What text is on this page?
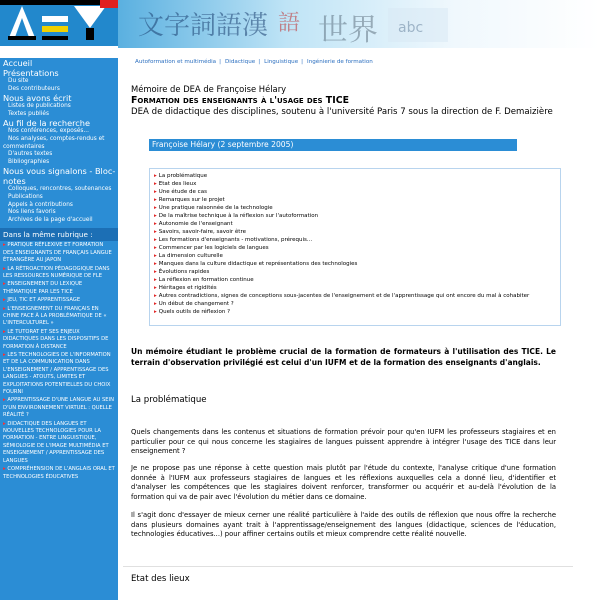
文字詞語漢 語 世界 abc
Autoformation et multimédia | Didactique | Linguistique | Ingénierie de formation
Accueil
Présentations
Du site
Des contributeurs
Nous avons écrit
Listes de publications
Textes publiés
Au fil de la recherche
Nos conférences, exposés...
Nos analyses, comptes-rendus et commentaires
D'autres textes
Bibliographies
Nous vous signalons - Bloc-notes
Colloques, rencontres, soutenances
Publications
Appels à contributions
Nos liens favoris
Archives de la page d'accueil
Dans la même rubrique :
▸ PRATIQUE RÉFLEXIVE ET FORMATION DES ENSEIGNANTS DE FRANÇAIS LANGUE ÉTRANGÈRE AU JAPON
▸ LA RÉTROACTION PÉDAGOGIQUE DANS LES RESSOURCES NUMÉRIQUE DE FLE
▸ ENSEIGNEMENT DU LEXIQUE THÉMATIQUE PAR LES TICE
▸ JEU, TIC ET APPRENTISSAGE
▸ L'ENSEIGNEMENT DU FRANÇAIS EN CHINE FACE À LA PROBLÉMATIQUE DE « L'INTERCULTUREL »
▸ LE TUTORAT ET SES ENJEUX DIDACTIQUES DANS LES DISPOSITIFS DE FORMATION À DISTANCE
▸ LES TECHNOLOGIES DE L'INFORMATION ET DE LA COMMUNICATION DANS L'ENSEIGNEMENT / APPRENTISSAGE DES LANGUES - ATOUTS, LIMITES ET EXPLOITATIONS POTENTIELLES DU CHOIX FOURNI
▸ APPRENTISSAGE D'UNE LANGUE AU SEIN D'UN ENVIRONNEMENT VIRTUEL : QUELLE RÉALITÉ ?
▸ DIDACTIQUE DES LANGUES ET NOUVELLES TECHNOLOGIES POUR LA FORMATION - ENTRE LINGUISTIQUE, SÉMIOLOGIE DE L'IMAGE MULTIMÉDIA ET ENSEIGNEMENT / APPRENTISSAGE DES LANGUES
▸ COMPRÉHENSION DE L'ANGLAIS ORAL ET TECHNOLOGIES ÉDUCATIVES
Mémoire de DEA de Françoise Hélary
Formation des enseignants à l'usage des TICE
DEA de didactique des disciplines, soutenu à l'université Paris 7 sous la direction de F. Demaizière
Françoise Hélary (2 septembre 2005)
▸ La problématique
▸ Etat des lieux
▸ Une étude de cas
▸ Remarques sur le projet
▸ Une pratique raisonnée de la technologie
▸ De la maîtrise technique à la réflexion sur l'autoformation
▸ Autonomie de l'enseignant
▸ Savoirs, savoir-faire, savoir être
▸ Les formations d'enseignants - motivations, prérequis...
▸ Commencer par les logiciels de langues
▸ La dimension culturelle
▸ Manques dans la culture didactique et représentations des technologies
▸ Évolutions rapides
▸ La réflexion en formation continue
▸ Héritages et rigidités
▸ Autres contradictions, signes de conceptions sous-jacentes de l'enseignement et de l'apprentissage qui ont encore du mal à cohabiter
▸ Un début de changement ?
▸ Quels outils de réflexion ?
Un mémoire étudiant le problème crucial de la formation de formateurs à l'utilisation des TICE. Le terrain d'observation privilégié est celui d'un IUFM et de la formation des enseignants d'anglais.
La problématique
Quels changements dans les contenus et situations de formation prévoir pour qu'en IUFM les professeurs stagiaires et en particulier pour ce qui nous concerne les stagiaires de langues puissent apprendre à intégrer l'usage des TICE dans leur enseignement ?
Je ne propose pas une réponse à cette question mais plutôt par l'étude du contexte, l'analyse critique d'une formation donnée à l'IUFM aux professeurs stagiaires de langues et les réflexions auxquelles cela a donné lieu, d'identifier et d'analyser les compétences que les stagiaires doivent renforcer, transformer ou acquérir et au-delà l'évolution de la formation qui va de pair avec l'évolution du métier dans ce domaine.
Il s'agit donc d'essayer de mieux cerner une réalité particulière à l'aide des outils de réflexion que nous offre la recherche dans plusieurs domaines ayant trait à l'apprentissage/enseignement des langues (didactique, sciences de l'éducation, technologies éducatives...) pour affiner certains outils et mieux comprendre cette réalité nouvelle.
Etat des lieux
